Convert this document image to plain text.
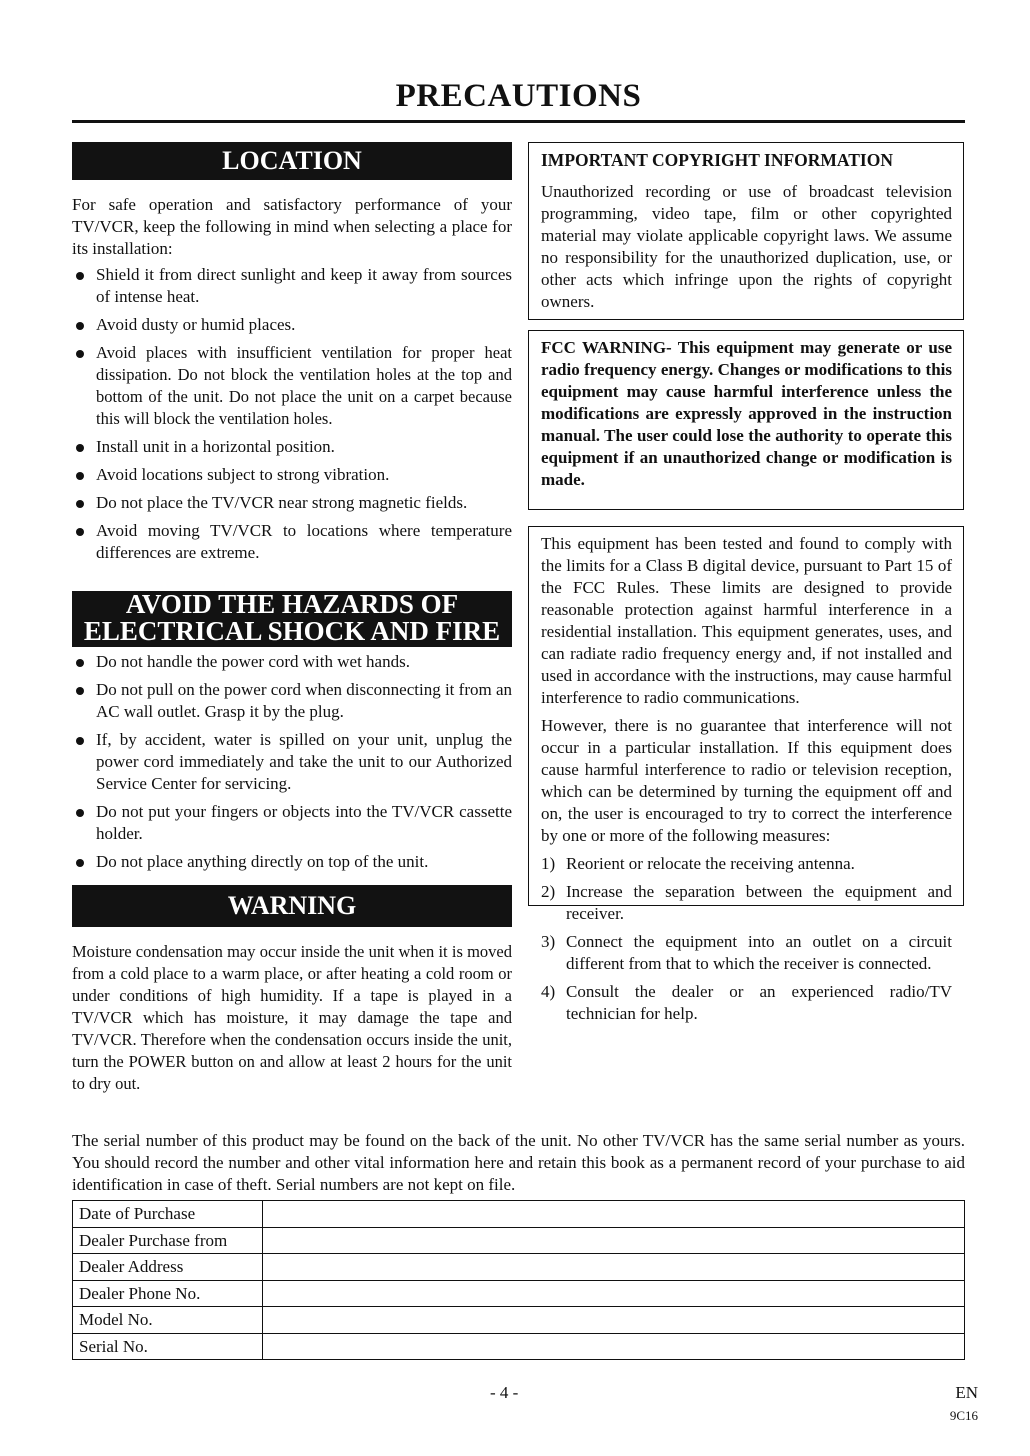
PRECAUTIONS
LOCATION
For safe operation and satisfactory performance of your TV/VCR, keep the following in mind when selecting a place for its installation:
Shield it from direct sunlight and keep it away from sources of intense heat.
Avoid dusty or humid places.
Avoid places with insufficient ventilation for proper heat dissipation. Do not block the ventilation holes at the top and bottom of the unit. Do not place the unit on a carpet because this will block the ventilation holes.
Install unit in a horizontal position.
Avoid locations subject to strong vibration.
Do not place the TV/VCR near strong magnetic fields.
Avoid moving TV/VCR to locations where temperature differences are extreme.
AVOID THE HAZARDS OF
ELECTRICAL SHOCK AND FIRE
Do not handle the power cord with wet hands.
Do not pull on the power cord when disconnecting it from an AC wall outlet. Grasp it by the plug.
If, by accident, water is spilled on your unit, unplug the power cord immediately and take the unit to our Authorized Service Center for servicing.
Do not put your fingers or objects into the TV/VCR cassette holder.
Do not place anything directly on top of the unit.
WARNING
Moisture condensation may occur inside the unit when it is moved from a cold place to a warm place, or after heating a cold room or under conditions of high humidity. If a tape is played in a TV/VCR which has moisture, it may damage the tape and TV/VCR. Therefore when the condensation occurs inside the unit, turn the POWER button on and allow at least 2 hours for the unit to dry out.
IMPORTANT COPYRIGHT INFORMATION

Unauthorized recording or use of broadcast television programming, video tape, film or other copyrighted material may violate applicable copyright laws. We assume no responsibility for the unauthorized duplication, use, or other acts which infringe upon the rights of copyright owners.

FCC WARNING- This equipment may generate or use radio frequency energy. Changes or modifications to this equipment may cause harmful interference unless the modifications are expressly approved in the instruction manual. The user could lose the authority to operate this equipment if an unauthorized change or modification is made.

This equipment has been tested and found to comply with the limits for a Class B digital device, pursuant to Part 15 of the FCC Rules. These limits are designed to provide reasonable protection against harmful interference in a residential installation. This equipment generates, uses, and can radiate radio frequency energy and, if not installed and used in accordance with the instructions, may cause harmful interference to radio communications.

However, there is no guarantee that interference will not occur in a particular installation. If this equipment does cause harmful interference to radio or television reception, which can be determined by turning the equipment off and on, the user is encouraged to try to correct the interference by one or more of the following measures:

1) Reorient or relocate the receiving antenna.
2) Increase the separation between the equipment and receiver.
3) Connect the equipment into an outlet on a circuit different from that to which the receiver is connected.
4) Consult the dealer or an experienced radio/TV technician for help.
The serial number of this product may be found on the back of the unit. No other TV/VCR has the same serial number as yours. You should record the number and other vital information here and retain this book as a permanent record of your purchase to aid identification in case of theft. Serial numbers are not kept on file.
Date of Purchase	
Dealer Purchase from	
Dealer Address	
Dealer Phone No.	
Model No.	
Serial No.	
- 4 -	EN
9C16
